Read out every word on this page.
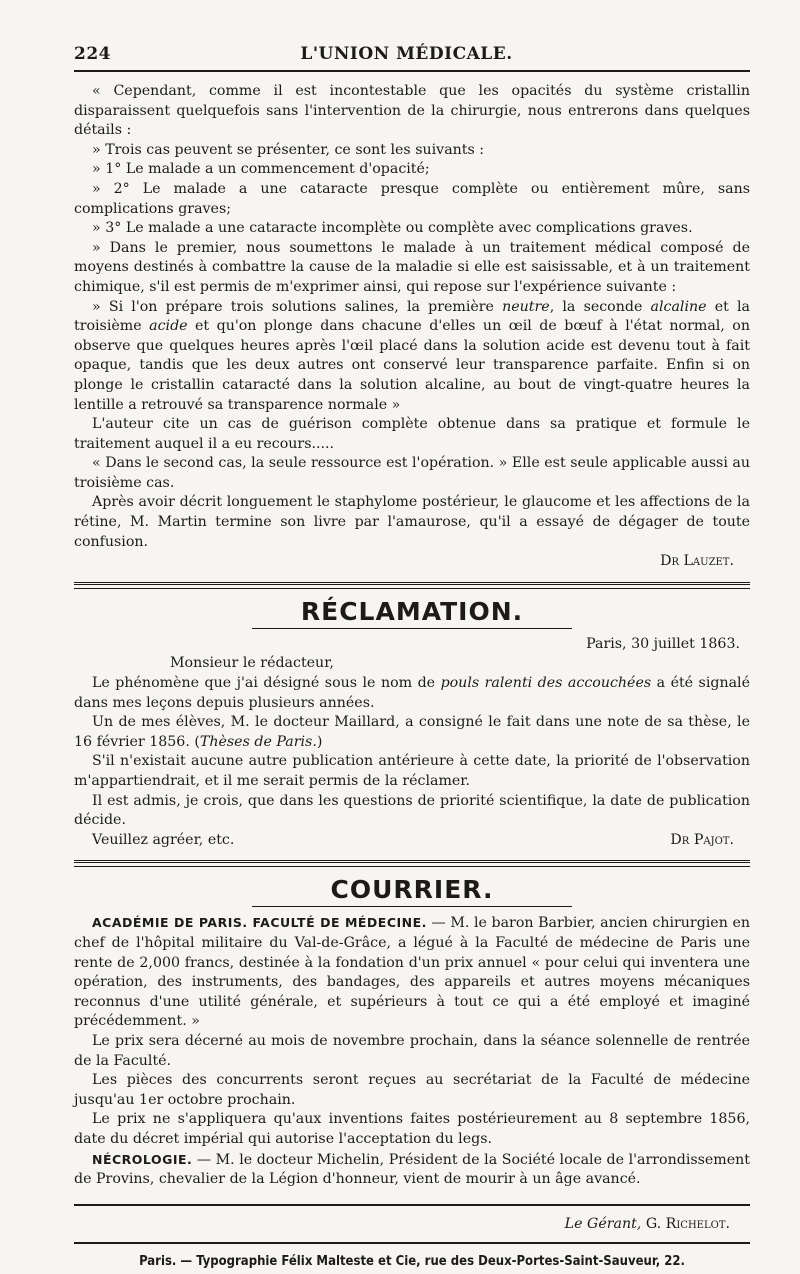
224	L'UNION MÉDICALE.

« Cependant, comme il est incontestable que les opacités du système cristallin disparaissent quelquefois sans l'intervention de la chirurgie, nous entrerons dans quelques détails :

» Trois cas peuvent se présenter, ce sont les suivants :

» 1° Le malade a un commencement d'opacité;

» 2° Le malade a une cataracte presque complète ou entièrement mûre, sans complications graves;

» 3° Le malade a une cataracte incomplète ou complète avec complications graves.

» Dans le premier, nous soumettons le malade à un traitement médical composé de moyens destinés à combattre la cause de la maladie si elle est saisissable, et à un traitement chimique, s'il est permis de m'exprimer ainsi, qui repose sur l'expérience suivante :

» Si l'on prépare trois solutions salines, la première neutre, la seconde alcaline et la troisième acide et qu'on plonge dans chacune d'elles un œil de bœuf à l'état normal, on observe que quelques heures après l'œil placé dans la solution acide est devenu tout à fait opaque, tandis que les deux autres ont conservé leur transparence parfaite. Enfin si on plonge le cristallin cataracté dans la solution alcaline, au bout de vingt-quatre heures la lentille a retrouvé sa transparence normale »

L'auteur cite un cas de guérison complète obtenue dans sa pratique et formule le traitement auquel il a eu recours.....

« Dans le second cas, la seule ressource est l'opération. » Elle est seule applicable aussi au troisième cas.

Après avoir décrit longuement le staphylome postérieur, le glaucome et les affections de la rétine, M. Martin termine son livre par l'amaurose, qu'il a essayé de dégager de toute confusion.

Dr Lauzet.

RÉCLAMATION.
Paris, 30 juillet 1863.
Monsieur le rédacteur,

Le phénomène que j'ai désigné sous le nom de pouls ralenti des accouchées a été signalé dans mes leçons depuis plusieurs années.

Un de mes élèves, M. le docteur Maillard, a consigné le fait dans une note de sa thèse, le 16 février 1856. (Thèses de Paris.)

S'il n'existait aucune autre publication antérieure à cette date, la priorité de l'observation m'appartiendrait, et il me serait permis de la réclamer.

Il est admis, je crois, que dans les questions de priorité scientifique, la date de publication décide.

Veuillez agréer, etc.	Dr Pajot.

COURRIER.

ACADÉMIE DE PARIS. FACULTÉ DE MÉDECINE. — M. le baron Barbier, ancien chirurgien en chef de l'hôpital militaire du Val-de-Grâce, a légué à la Faculté de médecine de Paris une rente de 2,000 francs, destinée à la fondation d'un prix annuel « pour celui qui inventera une opération, des instruments, des bandages, des appareils et autres moyens mécaniques reconnus d'une utilité générale, et supérieurs à tout ce qui a été employé et imaginé précédemment. »

Le prix sera décerné au mois de novembre prochain, dans la séance solennelle de rentrée de la Faculté.

Les pièces des concurrents seront reçues au secrétariat de la Faculté de médecine jusqu'au 1er octobre prochain.

Le prix ne s'appliquera qu'aux inventions faites postérieurement au 8 septembre 1856, date du décret impérial qui autorise l'acceptation du legs.

NÉCROLOGIE. — M. le docteur Michelin, Président de la Société locale de l'arrondissement de Provins, chevalier de la Légion d'honneur, vient de mourir à un âge avancé.

Le Gérant, G. Richelot.
Paris. — Typographie Félix Malteste et Cie, rue des Deux-Portes-Saint-Sauveur, 22.
